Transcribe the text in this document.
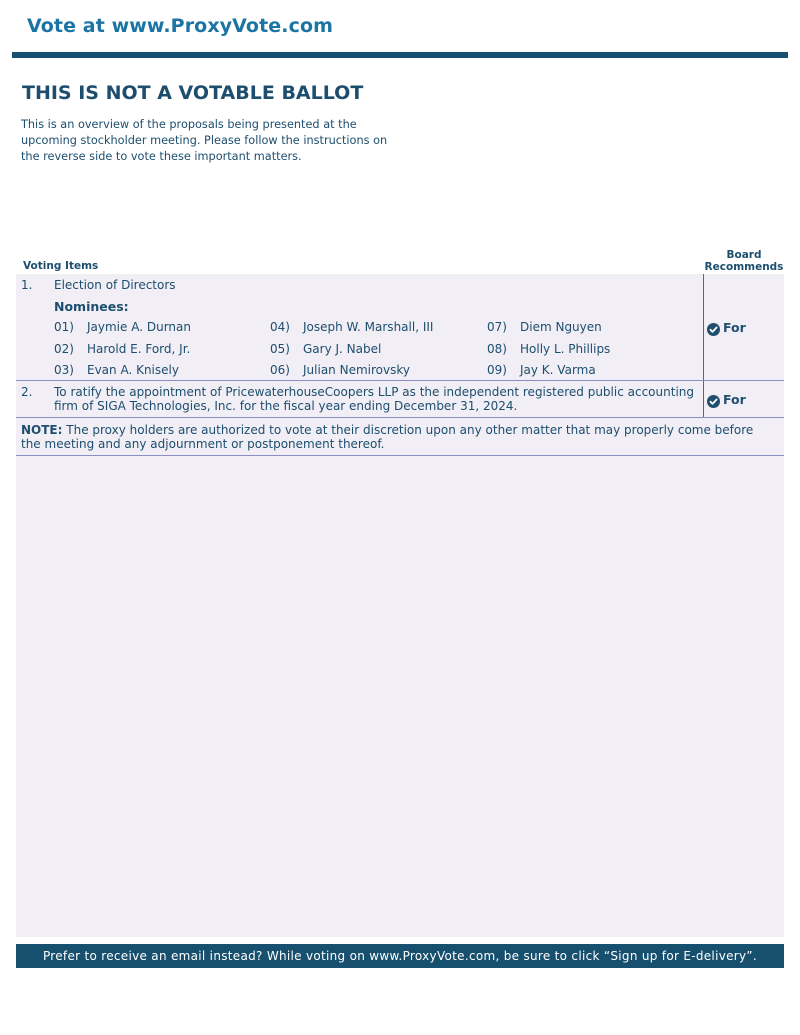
Vote at www.ProxyVote.com
THIS IS NOT A VOTABLE BALLOT
This is an overview of the proposals being presented at the upcoming stockholder meeting. Please follow the instructions on the reverse side to vote these important matters.
Voting Items
Board
Recommends
1. Election of Directors
Nominees:
01) Jaymie A. Durnan
02) Harold E. Ford, Jr.
03) Evan A. Knisely
04) Joseph W. Marshall, III
05) Gary J. Nabel
06) Julian Nemirovsky
07) Diem Nguyen
08) Holly L. Phillips
09) Jay K. Varma
For
2. To ratify the appointment of PricewaterhouseCoopers LLP as the independent registered public accounting firm of SIGA Technologies, Inc. for the fiscal year ending December 31, 2024.	For
NOTE: The proxy holders are authorized to vote at their discretion upon any other matter that may properly come before the meeting and any adjournment or postponement thereof.
Prefer to receive an email instead? While voting on www.ProxyVote.com, be sure to click “Sign up for E-delivery”.
